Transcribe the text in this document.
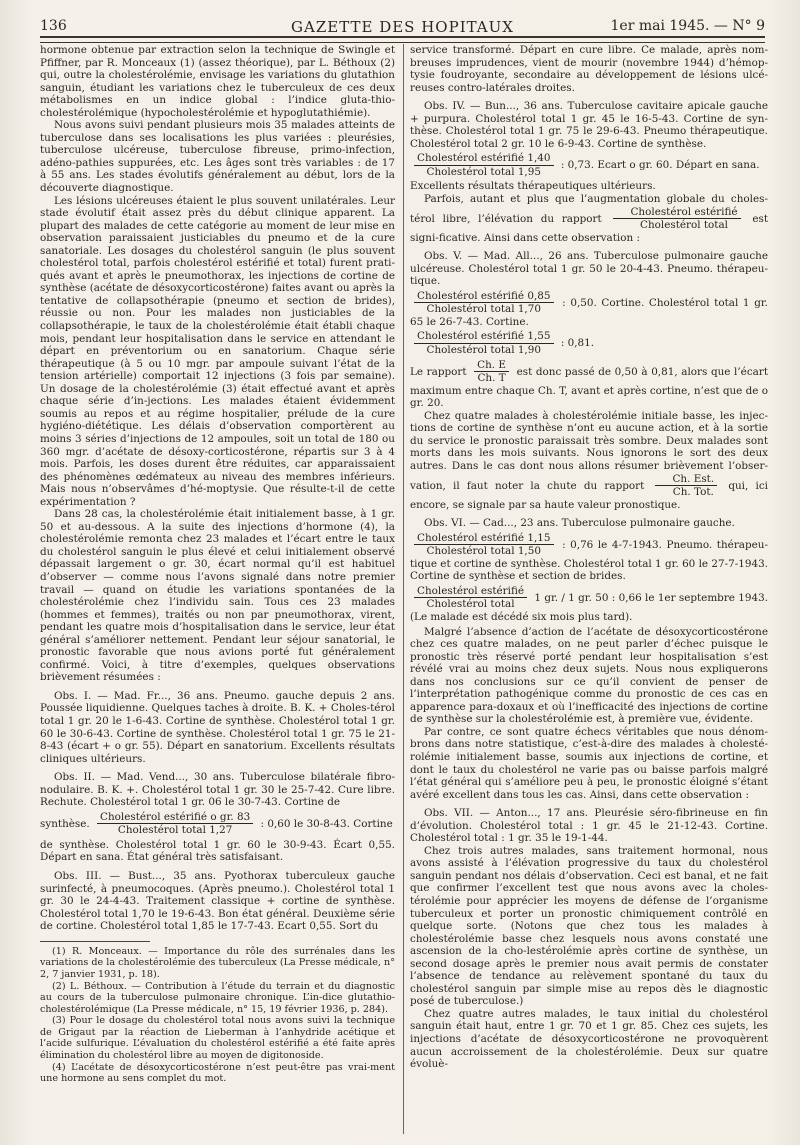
136	GAZETTE DES HOPITAUX	1er mai 1945. — N° 9

hormone obtenue par extraction selon la technique de Swingle et Pfiffner, par R. Monceaux (1) (assez théorique), par L. Béthoux (2) qui, outre la cholestérolémie, envisage les variations du glutathion sanguin, étudiant les variations chez le tuberculeux de ces deux métabolismes en un indice global : l’indice gluta-thio-cholestérolémique (hypocholestérolémie et hypoglutathiémie).

Nous avons suivi pendant plusieurs mois 35 malades atteints de tuberculose dans ses localisations les plus variées : pleurésies, tuberculose ulcéreuse, tuberculose fibreuse, primo-infection, adéno-pathies suppurées, etc. Les âges sont très variables : de 17 à 55 ans. Les stades évolutifs généralement au début, lors de la découverte diagnostique.

Les lésions ulcéreuses étaient le plus souvent unilatérales. Leur stade évolutif était assez près du début clinique apparent. La plupart des malades de cette catégorie au moment de leur mise en observation paraissaient justiciables du pneumo et de la cure sanatoriale. Les dosages du cholestérol sanguin (le plus souvent cholestérol total, parfois cholestérol estérifié et total) furent prati-qués avant et après le pneumothorax, les injections de cortine de synthèse (acétate de désoxycorticostérone) faites avant ou après la tentative de collapsothérapie (pneumo et section de brides), réussie ou non. Pour les malades non justiciables de la collapsothérapie, le taux de la cholestérolémie était établi chaque mois, pendant leur hospitalisation dans le service en attendant le départ en préventorium ou en sanatorium. Chaque série thérapeutique (à 5 ou 10 mgr. par ampoule suivant l’état de la tension artérielle) comportait 12 injections (3 fois par semaine). Un dosage de la cholestérolémie (3) était effectué avant et après chaque série d’in-jections. Les malades étaient évidemment soumis au repos et au régime hospitalier, prélude de la cure hygiéno-diététique. Les délais d’observation comportèrent au moins 3 séries d’injections de 12 ampoules, soit un total de 180 ou 360 mgr. d’acétate de désoxy-corticostérone, répartis sur 3 à 4 mois. Parfois, les doses durent être réduites, car apparaissaient des phénomènes œdémateux au niveau des membres inférieurs. Mais nous n’observâmes d’hé-moptysie. Que résulte-t-il de cette expérimentation ?

Dans 28 cas, la cholestérolémie était initialement basse, à 1 gr. 50 et au-dessous. A la suite des injections d’hormone (4), la cholestérolémie remonta chez 23 malades et l’écart entre le taux du cholestérol sanguin le plus élevé et celui initialement observé dépassait largement o gr. 30, écart normal qu’il est habituel d’observer — comme nous l’avons signalé dans notre premier travail — quand on étudie les variations spontanées de la cholestérolémie chez l’individu sain. Tous ces 23 malades (hommes et femmes), traités ou non par pneumothorax, virent, pendant les quatre mois d’hospitalisation dans le service, leur état général s’améliorer nettement. Pendant leur séjour sanatorial, le pronostic favorable que nous avions porté fut généralement confirmé. Voici, à titre d’exemples, quelques observations brièvement résumées :

Obs. I. — Mad. Fr..., 36 ans. Pneumo. gauche depuis 2 ans. Poussée liquidienne. Quelques taches à droite. B. K. + Choles-térol total 1 gr. 20 le 1-6-43. Cortine de synthèse. Cholestérol total 1 gr. 60 le 30-6-43. Cortine de synthèse. Cholestérol total 1 gr. 75 le 21-8-43 (écart + o gr. 55). Départ en sanatorium. Excellents résultats cliniques ultérieurs.

Obs. II. — Mad. Vend..., 30 ans. Tuberculose bilatérale fibro-nodulaire. B. K. +. Cholestérol total 1 gr. 30 le 25-7-42. Cure libre. Rechute. Cholestérol total 1 gr. 06 le 30-7-43. Cortine de

synthèse. $\frac{\text{Cholestérol estérifié o gr. 83}}{\text{Cholestérol total 1,27}}$ : 0,60 le 30-8-43. Cortine

de synthèse. Cholestérol total 1 gr. 60 le 30-9-43. Écart 0,55. Départ en sana. État général très satisfaisant.

Obs. III. — Bust..., 35 ans. Pyothorax tuberculeux gauche surinfecté, à pneumocoques. (Après pneumo.). Cholestérol total 1 gr. 30 le 24-4-43. Traitement classique + cortine de synthèse. Cholestérol total 1,70 le 19-6-43. Bon état général. Deuxième série de cortine. Cholestérol total 1,85 le 17-7-43. Ecart 0,55. Sort du

(1) R. Monceaux. — Importance du rôle des surrénales dans les variations de la cholestérolémie des tuberculeux (La Presse médicale, n° 2, 7 janvier 1931, p. 18).

(2) L. Béthoux. — Contribution à l’étude du terrain et du diagnostic au cours de la tuberculose pulmonaire chronique. L’in-dice glutathio-cholestérolémique (La Presse médicale, n° 15, 19 février 1936, p. 284).

(3) Pour le dosage du cholestérol total nous avons suivi la technique de Grigaut par la réaction de Lieberman à l’anhydride acétique et l’acide sulfurique. L’évaluation du cholestérol estérifié a été faite après élimination du cholestérol libre au moyen de digitonoside.

(4) L’acétate de désoxycorticostérone n’est peut-être pas vrai-ment une hormone au sens complet du mot.

service transformé. Départ en cure libre. Ce malade, après nom-breuses imprudences, vient de mourir (novembre 1944) d’hémop-tysie foudroyante, secondaire au développement de lésions ulcé-reuses contro-latérales droites.

Obs. IV. — Bun..., 36 ans. Tuberculose cavitaire apicale gauche + purpura. Cholestérol total 1 gr. 45 le 16-5-43. Cortine de syn-thèse. Cholestérol total 1 gr. 75 le 29-6-43. Pneumo thérapeutique. Cholestérol total 2 gr. 10 le 6-9-43. Cortine de synthèse.

$\frac{\text{Cholestérol estérifié 1,40}}{\text{Cholestérol total 1,95}}$ : 0,73. Ecart o gr. 60. Départ en sana.

Excellents résultats thérapeutiques ultérieurs.

Parfois, autant et plus que l’augmentation globale du choles-térol libre, l’élévation du rapport $\frac{\text{Cholestérol estérifié}}{\text{Cholestérol total}}$ est signi-ficative. Ainsi dans cette observation :

Obs. V. — Mad. All..., 26 ans. Tuberculose pulmonaire gauche ulcéreuse. Cholestérol total 1 gr. 50 le 20-4-43. Pneumo. thérapeu-tique.

$\frac{\text{Cholestérol estérifié 0,85}}{\text{Cholestérol total 1,70}}$ : 0,50. Cortine. Cholestérol total 1 gr. 65 le 26-7-43. Cortine.
$\frac{\text{Cholestérol estérifié 1,55}}{\text{Cholestérol total 1,90}}$ : 0,81.

Le rapport $\frac{Ch. E}{Ch. T}$ est donc passé de 0,50 à 0,81, alors que l’écart maximum entre chaque Ch. T, avant et après cortine, n’est que de o gr. 20.

Chez quatre malades à cholestérolémie initiale basse, les injec-tions de cortine de synthèse n’ont eu aucune action, et à la sortie du service le pronostic paraissait très sombre. Deux malades sont morts dans les mois suivants. Nous ignorons le sort des deux autres. Dans le cas dont nous allons résumer brièvement l’obser-vation, il faut noter la chute du rapport $\frac{\text{Ch. Est.}}{\text{Ch. Tot.}}$ qui, ici encore, se signale par sa haute valeur pronostique.

Obs. VI. — Cad..., 23 ans. Tuberculose pulmonaire gauche.

$\frac{\text{Cholestérol estérifié 1,15}}{\text{Cholestérol total 1,50}}$ : 0,76 le 4-7-1943. Pneumo. thérapeu-tique et cortine de synthèse. Cholestérol total 1 gr. 60 le 27-7-1943. Cortine de synthèse et section de brides.
$\frac{\text{Cholestérol estérifié}}{\text{Cholestérol total}} 1$ gr. / 1 gr. 50 : 0,66 le 1er septembre 1943. (Le malade est décédé six mois plus tard).

Malgré l’absence d’action de l’acétate de désoxycorticostérone chez ces quatre malades, on ne peut parler d’échec puisque le pronostic très réservé porté pendant leur hospitalisation s’est révélé vrai au moins chez deux sujets. Nous nous expliquerons dans nos conclusions sur ce qu’il convient de penser de l’interprétation pathogénique comme du pronostic de ces cas en apparence para-doxaux et où l’inefficacité des injections de cortine de synthèse sur la cholestérolémie est, à première vue, évidente.

Par contre, ce sont quatre échecs véritables que nous dénom-brons dans notre statistique, c’est-à-dire des malades à cholesté-rolémie initialement basse, soumis aux injections de cortine, et dont le taux du cholestérol ne varie pas ou baisse parfois malgré l’état général qui s’améliore peu à peu, le pronostic éloigné s’étant avéré excellent dans tous les cas. Ainsi, dans cette observation :

Obs. VII. — Anton..., 17 ans. Pleurésie séro-fibrineuse en fin d’évolution. Cholestérol total : 1 gr. 45 le 21-12-43. Cortine. Cholestérol total : 1 gr. 35 le 19-1-44.

Chez trois autres malades, sans traitement hormonal, nous avons assisté à l’élévation progressive du taux du cholestérol sanguin pendant nos délais d’observation. Ceci est banal, et ne fait que confirmer l’excellent test que nous avons avec la choles-térolémie pour apprécier les moyens de défense de l’organisme tuberculeux et porter un pronostic chimiquement contrôlé en quelque sorte. (Notons que chez tous les malades à cholestérolémie basse chez lesquels nous avons constaté une ascension de la cho-lestérolémie après cortine de synthèse, un second dosage après le premier nous avait permis de constater l’absence de tendance au relèvement spontané du taux du cholestérol sanguin par simple mise au repos dès le diagnostic posé de tuberculose.)

Chez quatre autres malades, le taux initial du cholestérol sanguin était haut, entre 1 gr. 70 et 1 gr. 85. Chez ces sujets, les injections d’acétate de désoxycorticostérone ne provoquèrent aucun accroissement de la cholestérolémie. Deux sur quatre évoluè-
